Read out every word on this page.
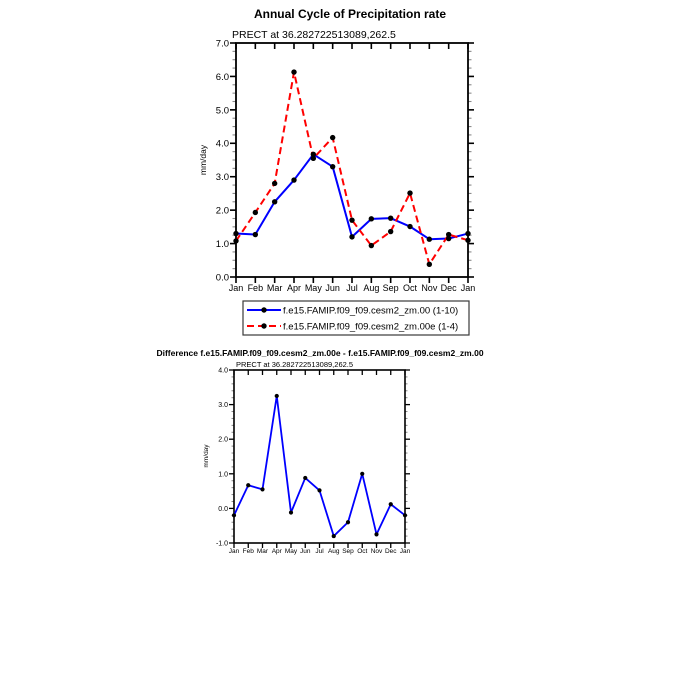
Annual Cycle of Precipitation rate
PRECT at 36.282722513089,262.5
mm/day
0.0
1.0
2.0
3.0
4.0
5.0
6.0
7.0
Jan Feb Mar Apr May Jun Jul Aug Sep Oct Nov Dec Jan
f.e15.FAMIP.f09_f09.cesm2_zm.00 (1-10)
f.e15.FAMIP.f09_f09.cesm2_zm.00e (1-4)
Difference f.e15.FAMIP.f09_f09.cesm2_zm.00e - f.e15.FAMIP.f09_f09.cesm2_zm.00
PRECT at 36.282722513089,262.5
mm/day
-1.0
0.0
1.0
2.0
3.0
4.0
Jan Feb Mar Apr May Jun Jul Aug Sep Oct Nov Dec Jan
